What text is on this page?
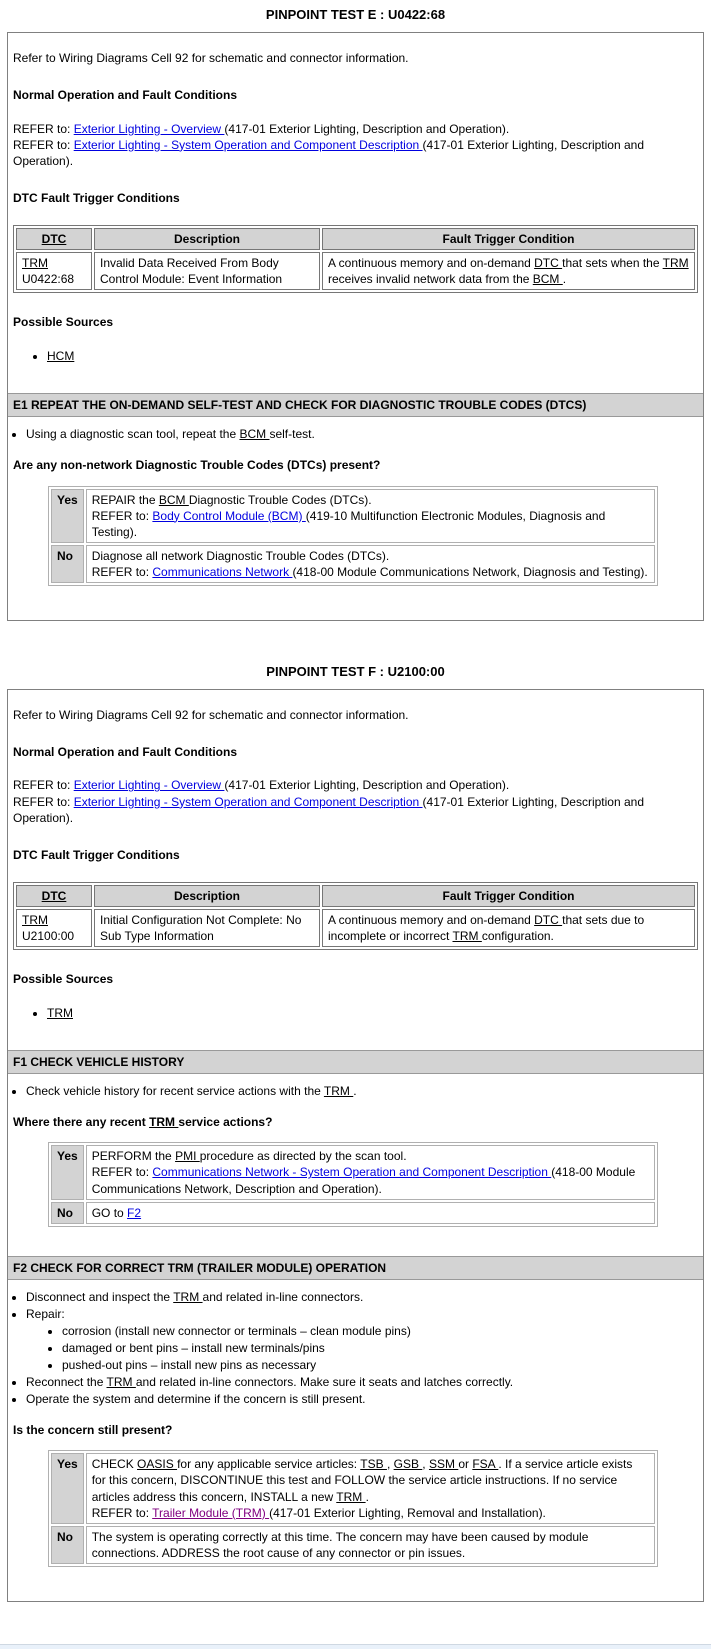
PINPOINT TEST E : U0422:68

Refer to Wiring Diagrams Cell 92 for schematic and connector information.

Normal Operation and Fault Conditions

REFER to: Exterior Lighting - Overview (417-01 Exterior Lighting, Description and Operation).
REFER to: Exterior Lighting - System Operation and Component Description (417-01 Exterior Lighting, Description and Operation).

DTC Fault Trigger Conditions

DTC	Description	Fault Trigger Condition

TRM
U0422:68	Invalid Data Received From Body Control Module: Event Information	A continuous memory and on-demand DTC that sets when the TRM receives invalid network data from the BCM .

Possible Sources

• HCM
E1 REPEAT THE ON-DEMAND SELF-TEST AND CHECK FOR DIAGNOSTIC TROUBLE CODES (DTCS)
• Using a diagnostic scan tool, repeat the BCM self-test.

Are any non-network Diagnostic Trouble Codes (DTCs) present?

Yes	REPAIR the BCM Diagnostic Trouble Codes (DTCs).
REFER to: Body Control Module (BCM) (419-10 Multifunction Electronic Modules, Diagnosis and Testing).

No	Diagnose all network Diagnostic Trouble Codes (DTCs).
REFER to: Communications Network (418-00 Module Communications Network, Diagnosis and Testing).
PINPOINT TEST F : U2100:00

Refer to Wiring Diagrams Cell 92 for schematic and connector information.

Normal Operation and Fault Conditions

REFER to: Exterior Lighting - Overview (417-01 Exterior Lighting, Description and Operation).
REFER to: Exterior Lighting - System Operation and Component Description (417-01 Exterior Lighting, Description and Operation).

DTC Fault Trigger Conditions

DTC	Description	Fault Trigger Condition

TRM
U2100:00	Initial Configuration Not Complete: No Sub Type Information	A continuous memory and on-demand DTC that sets due to incomplete or incorrect TRM configuration.

Possible Sources

• TRM
F1 CHECK VEHICLE HISTORY
• Check vehicle history for recent service actions with the TRM .

Where there any recent TRM service actions?

Yes	PERFORM the PMI procedure as directed by the scan tool.
REFER to: Communications Network - System Operation and Component Description (418-00 Module Communications Network, Description and Operation).

No	GO to F2
F2 CHECK FOR CORRECT TRM (TRAILER MODULE) OPERATION
• Disconnect and inspect the TRM and related in-line connectors.
• Repair:
• corrosion (install new connector or terminals – clean module pins)
• damaged or bent pins – install new terminals/pins
• pushed-out pins – install new pins as necessary
• Reconnect the TRM and related in-line connectors. Make sure it seats and latches correctly.
• Operate the system and determine if the concern is still present.

Is the concern still present?

Yes	CHECK OASIS for any applicable service articles: TSB , GSB , SSM or FSA . If a service article exists for this concern, DISCONTINUE this test and FOLLOW the service article instructions. If no service articles address this concern, INSTALL a new TRM .
REFER to: Trailer Module (TRM) (417-01 Exterior Lighting, Removal and Installation).

No	The system is operating correctly at this time. The concern may have been caused by module connections. ADDRESS the root cause of any connector or pin issues.
